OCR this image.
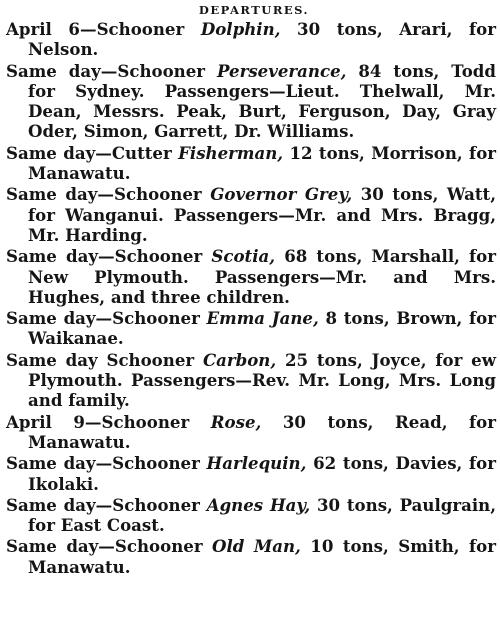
DEPARTURES.

April 6—Schooner Dolphin, 30 tons, Arari, for Nelson.

Same day—Schooner Perseverance, 84 tons, Todd for Sydney. Passengers—Lieut. Thelwall, Mr. Dean, Messrs. Peak, Burt, Ferguson, Day, Gray Oder, Simon, Garrett, Dr. Williams.

Same day—Cutter Fisherman, 12 tons, Morrison, for Manawatu.

Same day—Schooner Governor Grey, 30 tons, Watt, for Wanganui. Passengers—Mr. and Mrs. Bragg, Mr. Harding.

Same day—Schooner Scotia, 68 tons, Marshall, for New Plymouth. Passengers—Mr. and Mrs. Hughes, and three children.

Same day—Schooner Emma Jane, 8 tons, Brown, for Waikanae.

Same day Schooner Carbon, 25 tons, Joyce, for ew Plymouth. Passengers—Rev. Mr. Long, Mrs. Long and family.

April 9—Schooner Rose, 30 tons, Read, for Manawatu.

Same day—Schooner Harlequin, 62 tons, Davies, for Ikolaki.

Same day—Schooner Agnes Hay, 30 tons, Paulgrain, for East Coast.

Same day—Schooner Old Man, 10 tons, Smith, for Manawatu.
